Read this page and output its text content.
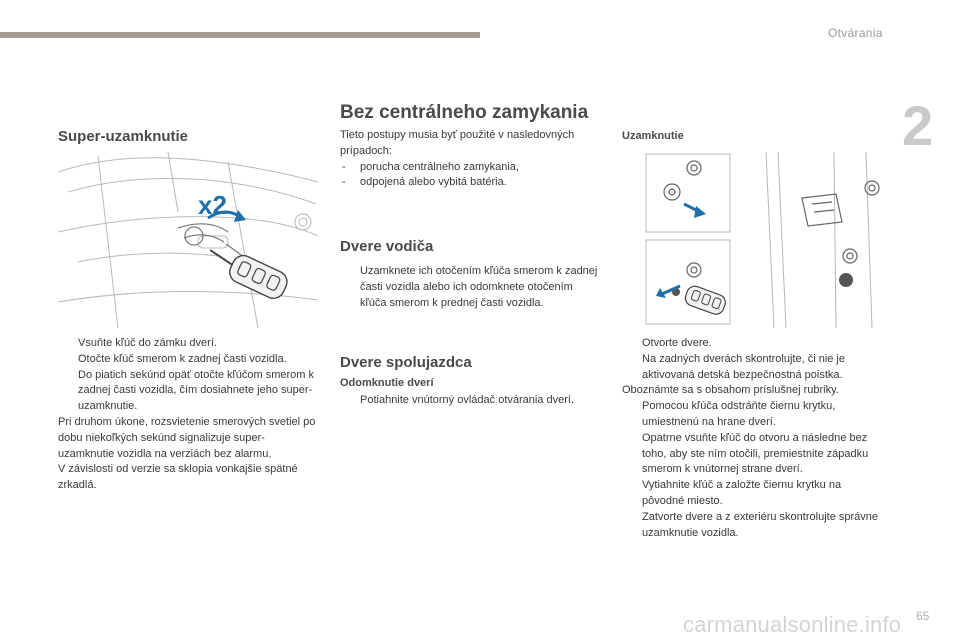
Otvárania
2
Super-uzamknutie
x2
Vsuňte kľúč do zámku dverí.
Otočte kľúč smerom k zadnej časti vozidla.
Do piatich sekúnd opäť otočte kľúčom smerom k zadnej časti vozidla, čím dosiahnete jeho super-uzamknutie.

Pri druhom úkone, rozsvietenie smerových svetiel po dobu niekoľkých sekúnd signalizuje super-uzamknutie vozidla na verziách bez alarmu.

V závislosti od verzie sa sklopia vonkajšie spätné zrkadlá.

Bez centrálneho zamykania

Tieto postupy musia byť použité v nasledovných prípadoch:

- porucha centrálneho zamykania,
- odpojená alebo vybitá batéria.
Dvere vodiča
Uzamknete ich otočením kľúča smerom k zadnej časti vozidla alebo ich odomknete otočením kľúča smerom k prednej časti vozidla.
Dvere spolujazdca
Odomknutie dverí
Potiahnite vnútorný ovládač otvárania dverí.
Uzamknutie
Otvorte dvere.
Na zadných dverách skontrolujte, či nie je aktivovaná detská bezpečnostná poistka.

Oboznámte sa s obsahom príslušnej rubriky.

Pomocou kľúča odstráňte čiernu krytku, umiestnenú na hrane dverí.
Opatrne vsuňte kľúč do otvoru a následne bez toho, aby ste ním otočili, premiestnite západku smerom k vnútornej strane dverí.
Vytiahnite kľúč a založte čiernu krytku na pôvodné miesto.
Zatvorte dvere a z exteriéru skontrolujte správne uzamknutie vozidla.
65
carmanualsonline.info
